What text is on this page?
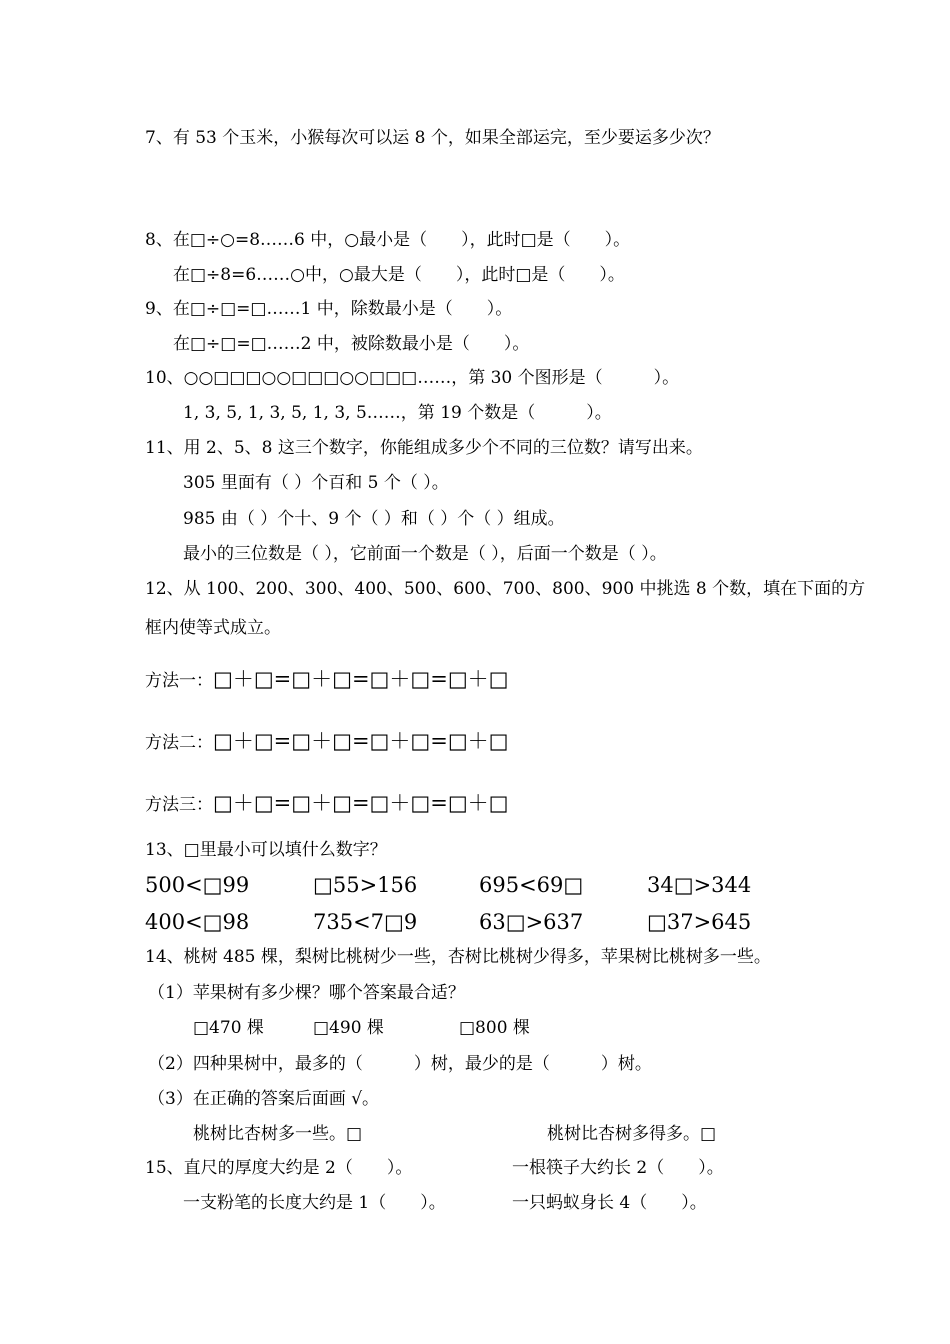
7、有 53 个玉米，小猴每次可以运 8 个，如果全部运完，至少要运多少次？
8、在□÷○=8……6 中，○最小是（　　），此时□是（　　）。
在□÷8=6……○中，○最大是（　　），此时□是（　　）。
9、在□÷□=□……1 中，除数最小是（　　）。
在□÷□=□……2 中，被除数最小是（　　）。
10、○○□□□○○□□□○○□□□……，第 30 个图形是（　　　）。
1, 3, 5, 1, 3, 5, 1, 3, 5……，第 19 个数是（　　　）。
11、用 2、5、8 这三个数字，你能组成多少个不同的三位数？请写出来。
305 里面有（ ）个百和 5 个（ ）。
985 由（ ）个十、9 个（ ）和（ ）个（ ）组成。
最小的三位数是（ ），它前面一个数是（ ），后面一个数是（ ）。
12、从 100、200、300、400、500、600、700、800、900 中挑选 8 个数，填在下面的方
框内使等式成立。
方法一：□＋□=□＋□=□＋□=□＋□
方法二：□＋□=□＋□=□＋□=□＋□
方法三：□＋□=□＋□=□＋□=□＋□
13、□里最小可以填什么数字？
500<□99	□55>156	695<69□	34□>344
400<□98	735<7□9	63□>637	□37>645
14、桃树 485 棵，梨树比桃树少一些，杏树比桃树少得多，苹果树比桃树多一些。
（1）苹果树有多少棵？哪个答案最合适？
□470 棵	□490 棵	□800 棵
（2）四种果树中，最多的（　　　）树，最少的是（　　　）树。
（3）在正确的答案后面画 √。
桃树比杏树多一些。□	桃树比杏树多得多。□
15、直尺的厚度大约是 2（　　）。	一根筷子大约长 2（　　）。
一支粉笔的长度大约是 1（　　）。	一只蚂蚁身长 4（　　）。
